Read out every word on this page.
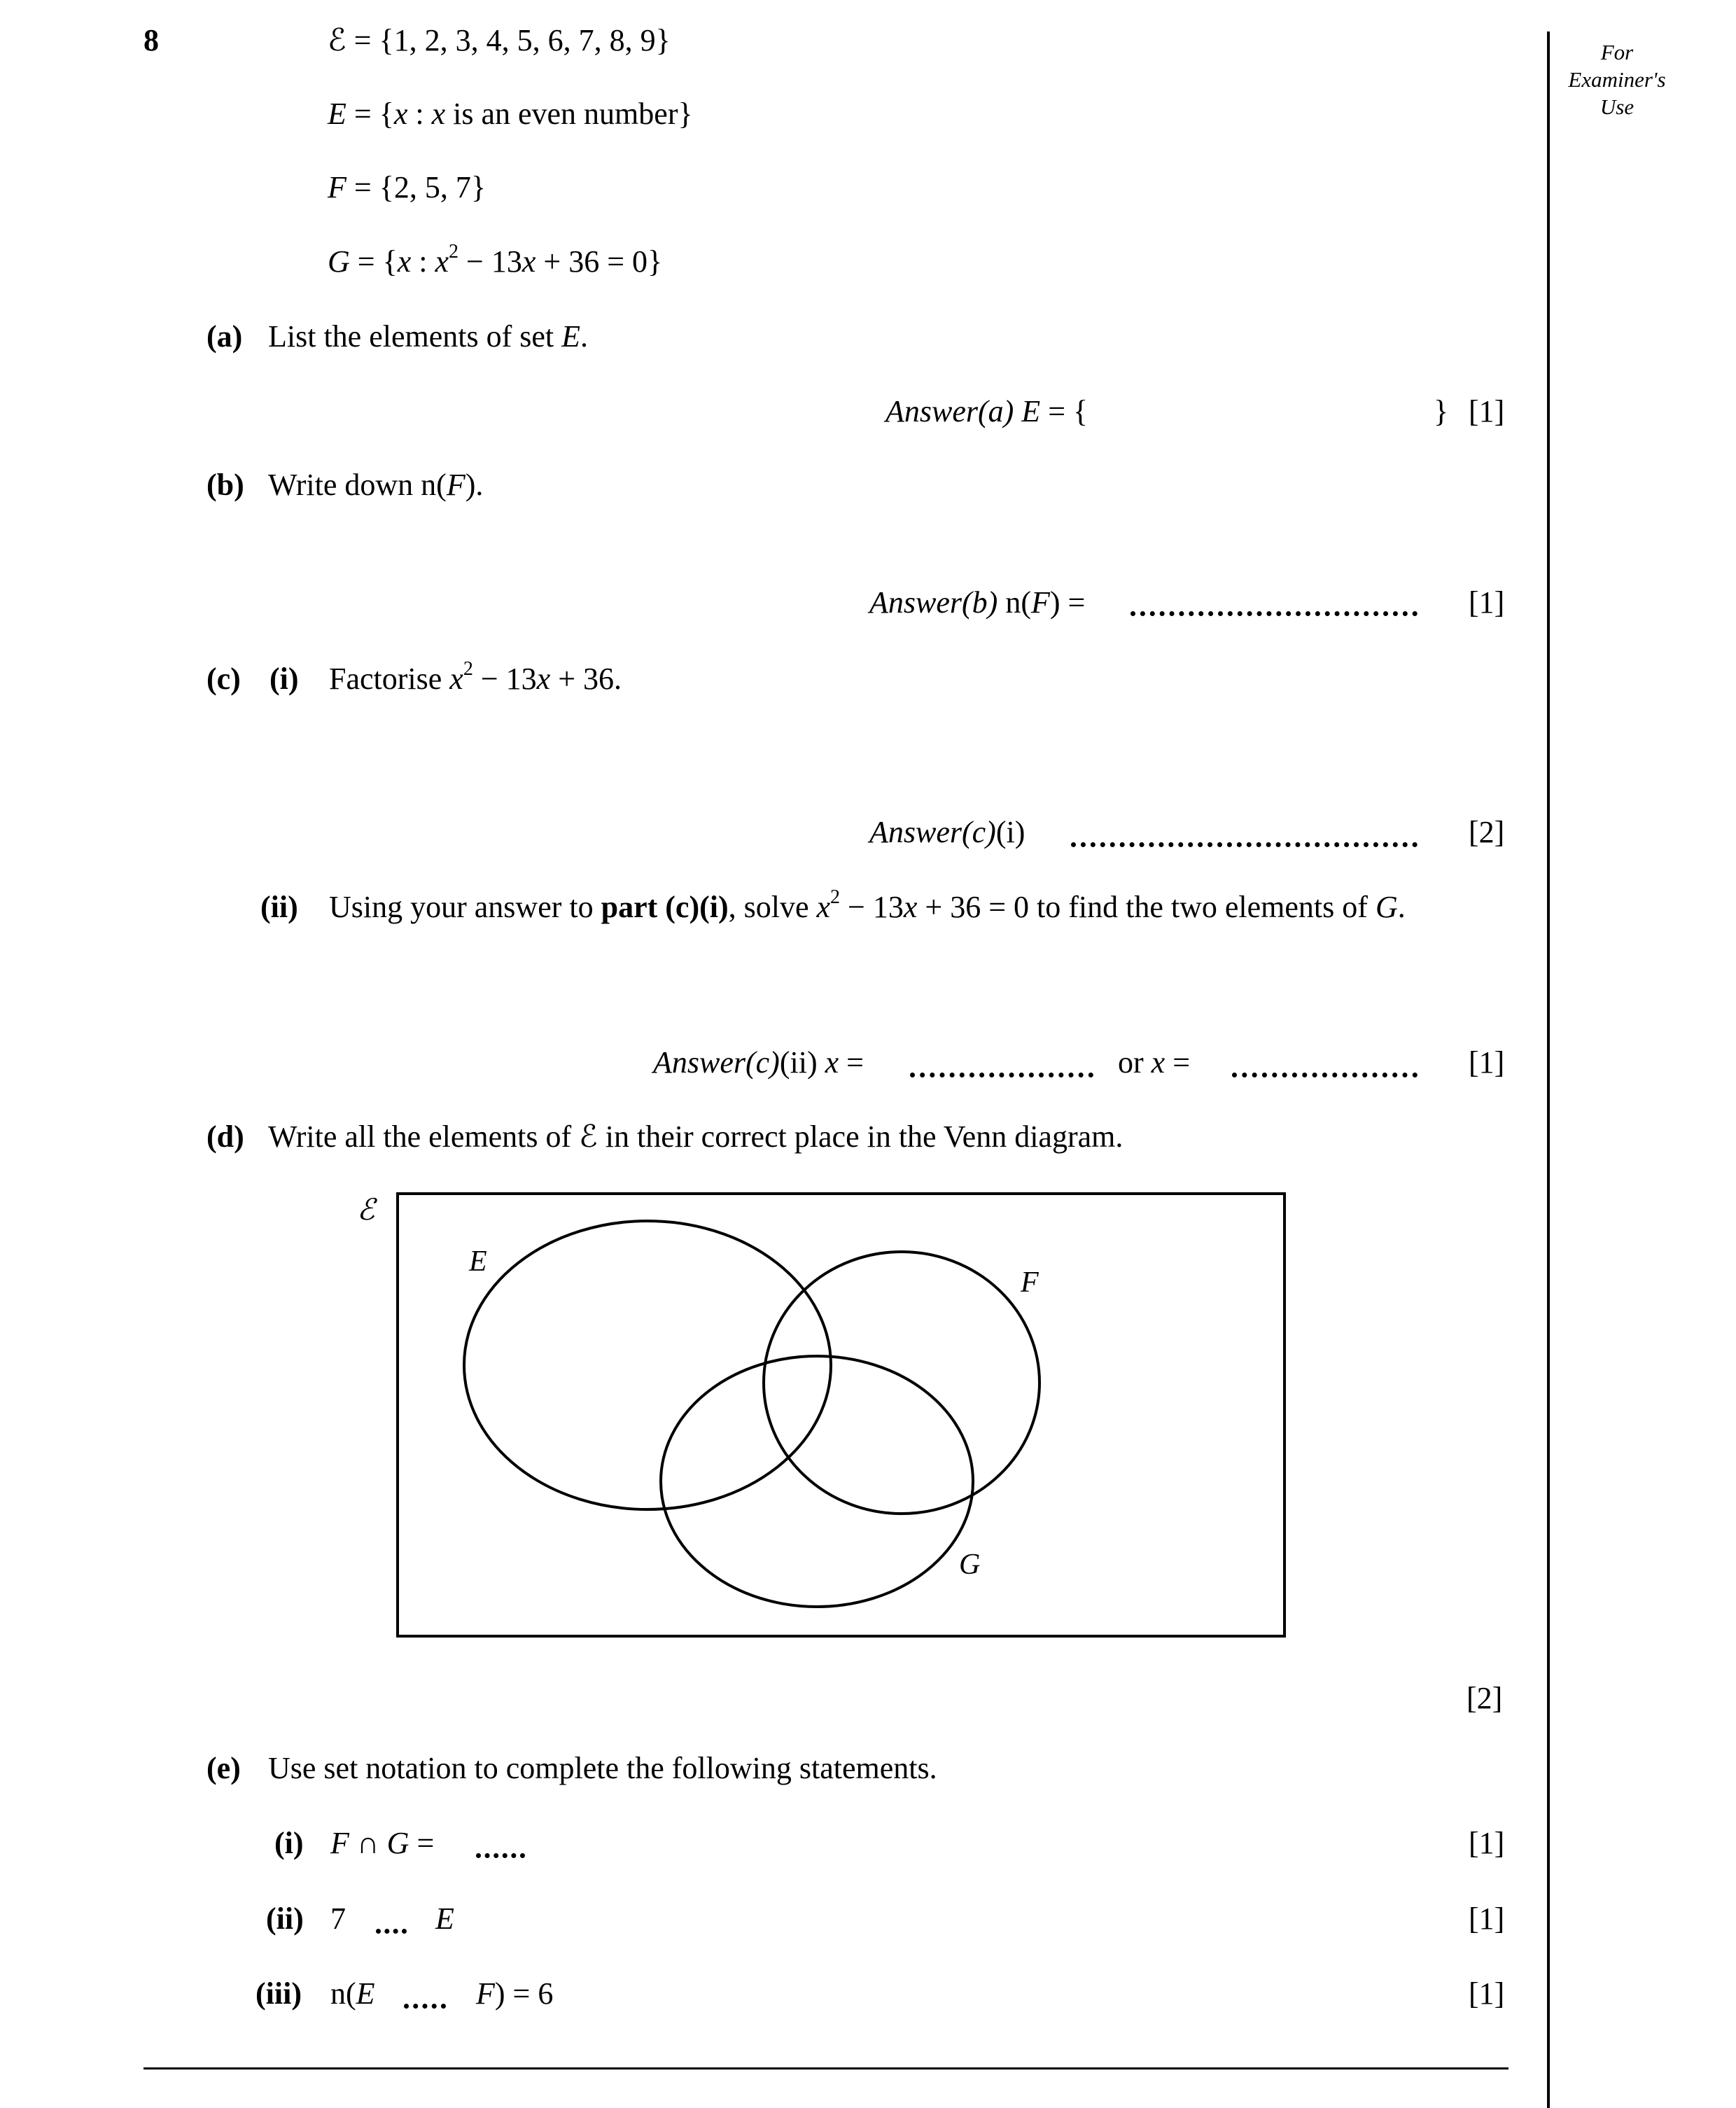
For
Examiner's
Use
8	ℰ = {1, 2, 3, 4, 5, 6, 7, 8, 9}
E = {x : x is an even number}
F = {2, 5, 7}
G = {x : $x^2 - 13x + 36 = 0$}
(a) List the elements of set E.
Answer(a) E = {	} [1]
(b) Write down n(F).
Answer(b) n(F) =	[1]
(c) (i) Factorise $x^2 - 13x + 36$.
Answer(c)(i)	[2]
(ii) Using your answer to part (c)(i), solve $x^2 - 13x + 36 = 0$ to find the two elements of G.
Answer(c)(ii) x =	or x =	[1]
(d) Write all the elements of ℰ in their correct place in the Venn diagram.
ℰ
E
F
G
[2]
(e) Use set notation to complete the following statements.
(i) F ∩ G =	[1]
(ii) 7	E	[1]
(iii) n(E	F) = 6	[1]
